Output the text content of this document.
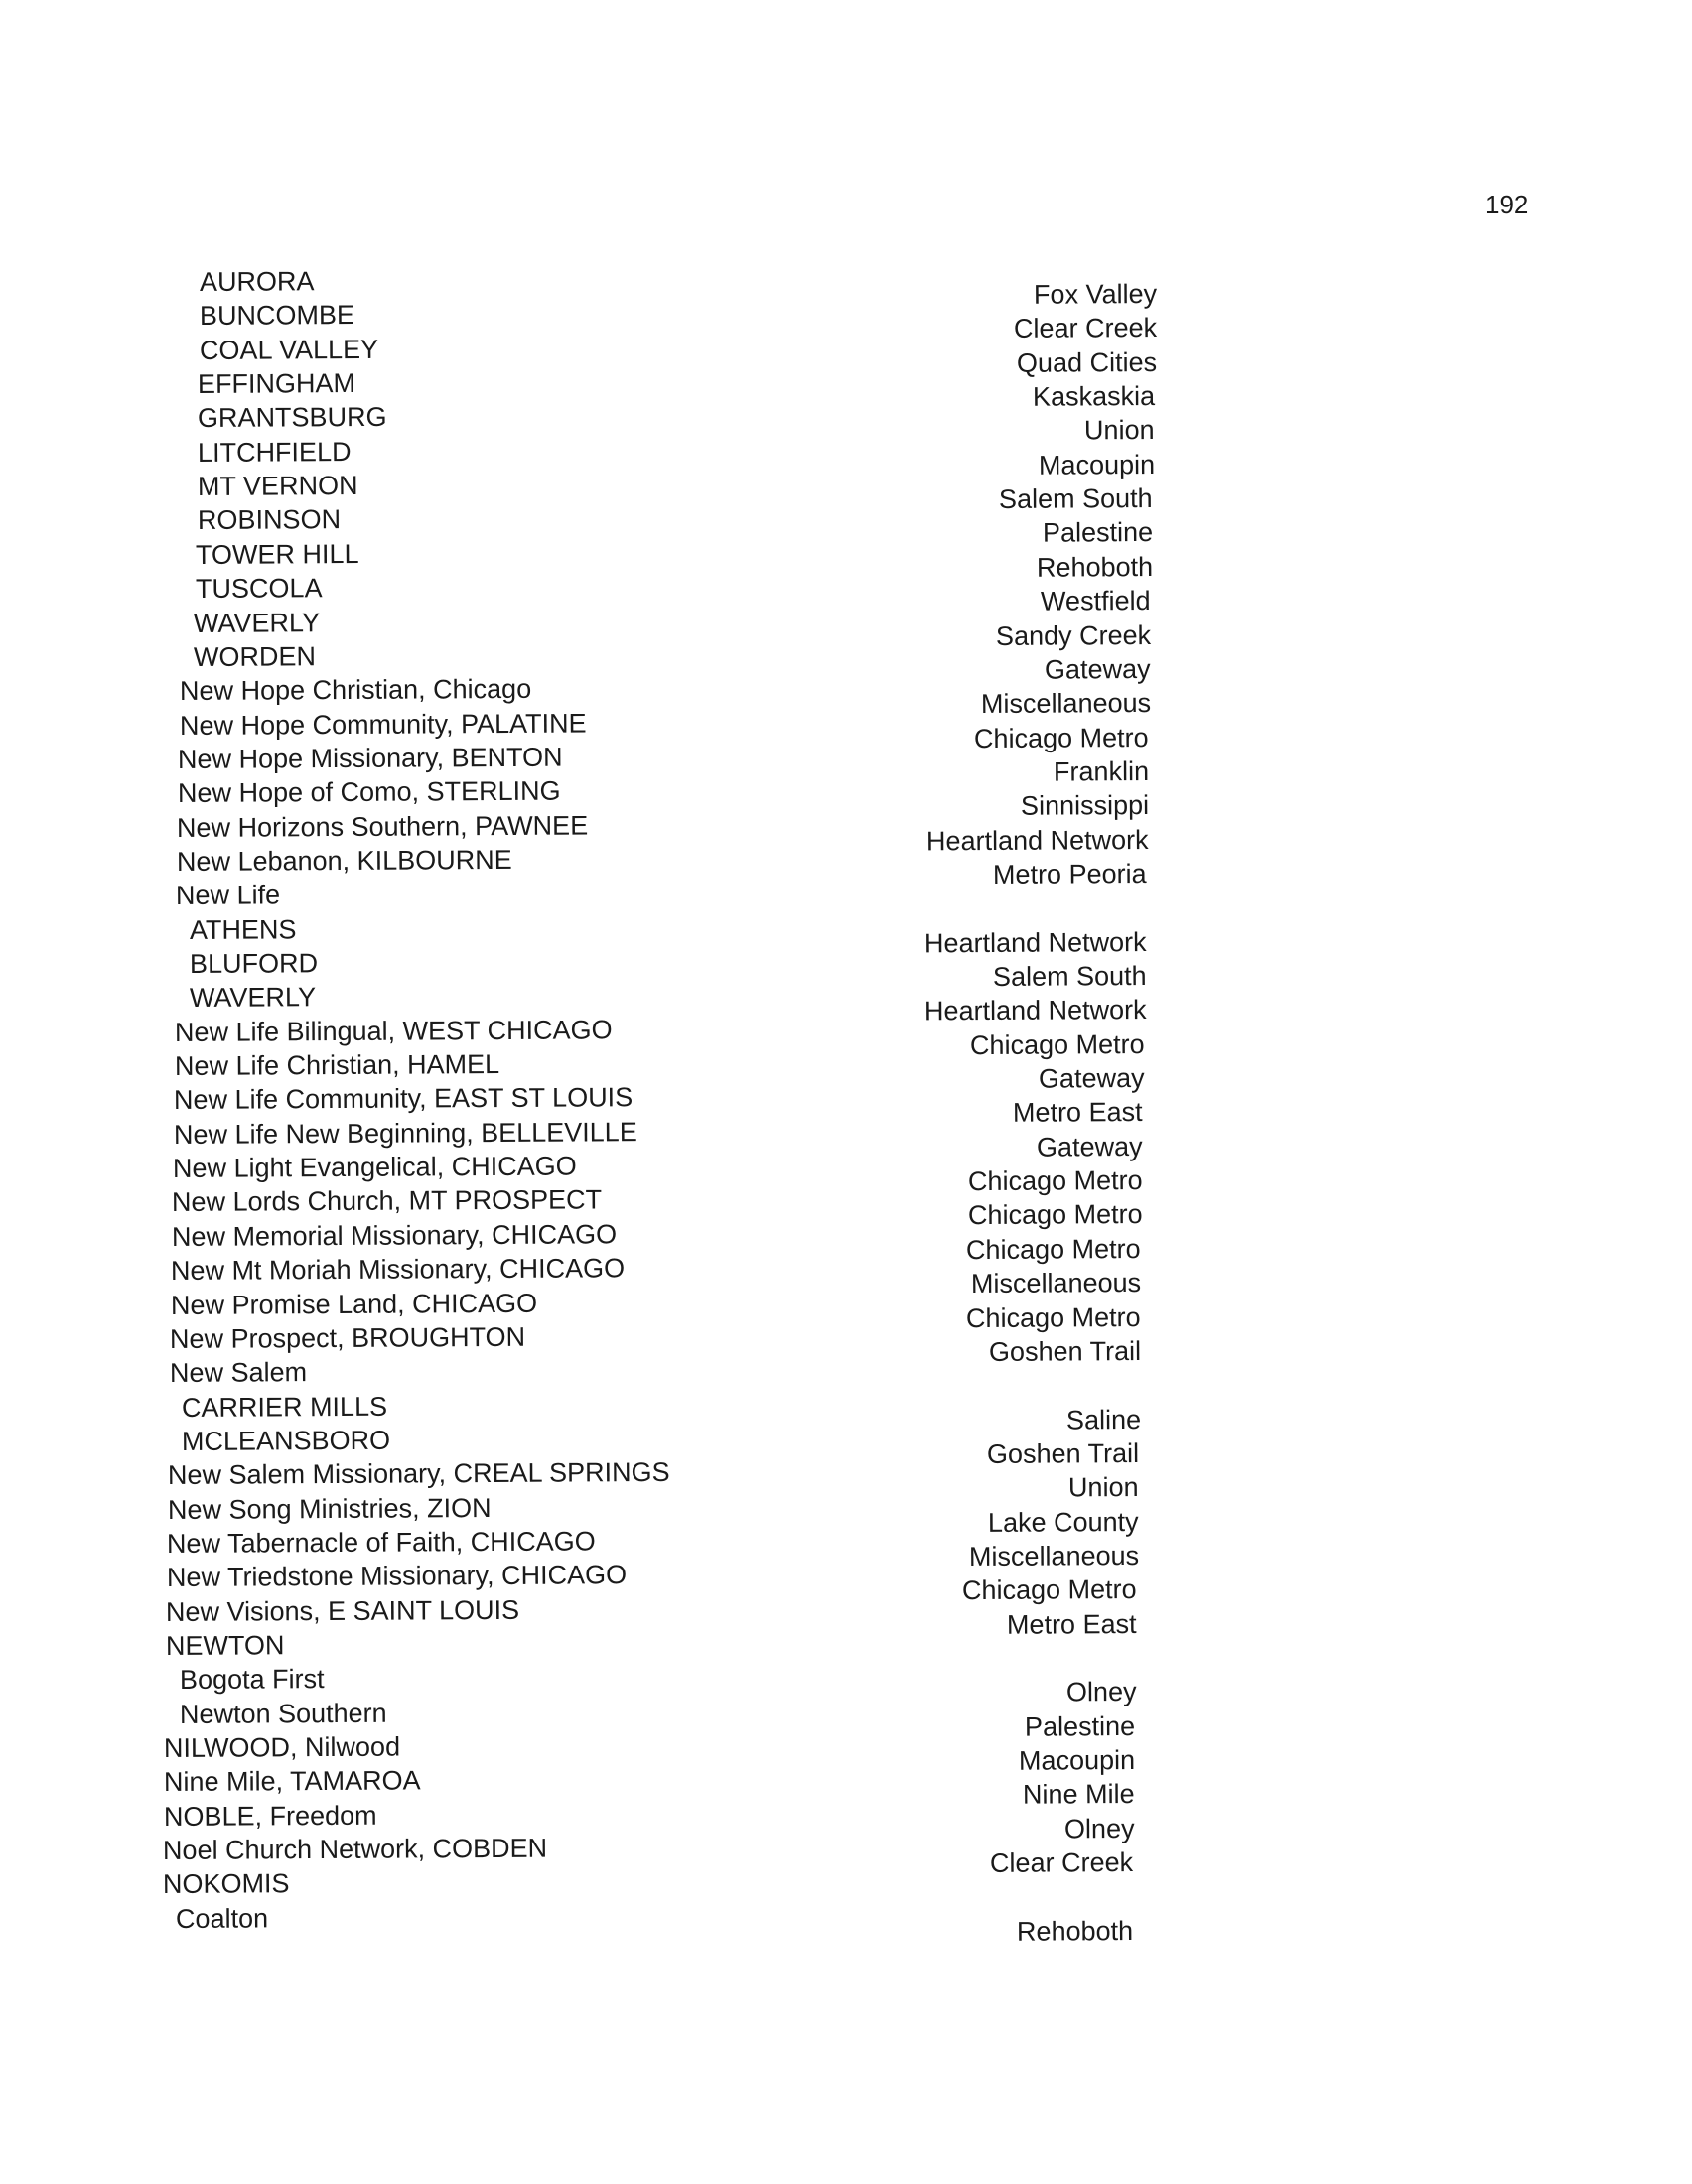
192
AURORA	Fox Valley
BUNCOMBE	Clear Creek
COAL VALLEY	Quad Cities
EFFINGHAM	Kaskaskia
GRANTSBURG	Union
LITCHFIELD	Macoupin
MT VERNON	Salem South
ROBINSON	Palestine
TOWER HILL	Rehoboth
TUSCOLA	Westfield
WAVERLY	Sandy Creek
WORDEN	Gateway
New Hope Christian, Chicago	Miscellaneous
New Hope Community, PALATINE	Chicago Metro
New Hope Missionary, BENTON	Franklin
New Hope of Como, STERLING	Sinnissippi
New Horizons Southern, PAWNEE	Heartland Network
New Lebanon, KILBOURNE	Metro Peoria
New Life
ATHENS	Heartland Network
BLUFORD	Salem South
WAVERLY	Heartland Network
New Life Bilingual, WEST CHICAGO	Chicago Metro
New Life Christian, HAMEL	Gateway
New Life Community, EAST ST LOUIS	Metro East
New Life New Beginning, BELLEVILLE	Gateway
New Light Evangelical, CHICAGO	Chicago Metro
New Lords Church, MT PROSPECT	Chicago Metro
New Memorial Missionary, CHICAGO	Chicago Metro
New Mt Moriah Missionary, CHICAGO	Miscellaneous
New Promise Land, CHICAGO	Chicago Metro
New Prospect, BROUGHTON	Goshen Trail
New Salem
CARRIER MILLS	Saline
MCLEANSBORO	Goshen Trail
New Salem Missionary, CREAL SPRINGS	Union
New Song Ministries, ZION	Lake County
New Tabernacle of Faith, CHICAGO	Miscellaneous
New Triedstone Missionary, CHICAGO	Chicago Metro
New Visions, E SAINT LOUIS	Metro East
NEWTON
Bogota First	Olney
Newton Southern	Palestine
NILWOOD, Nilwood	Macoupin
Nine Mile, TAMAROA	Nine Mile
NOBLE, Freedom	Olney
Noel Church Network, COBDEN	Clear Creek
NOKOMIS
Coalton	Rehoboth
